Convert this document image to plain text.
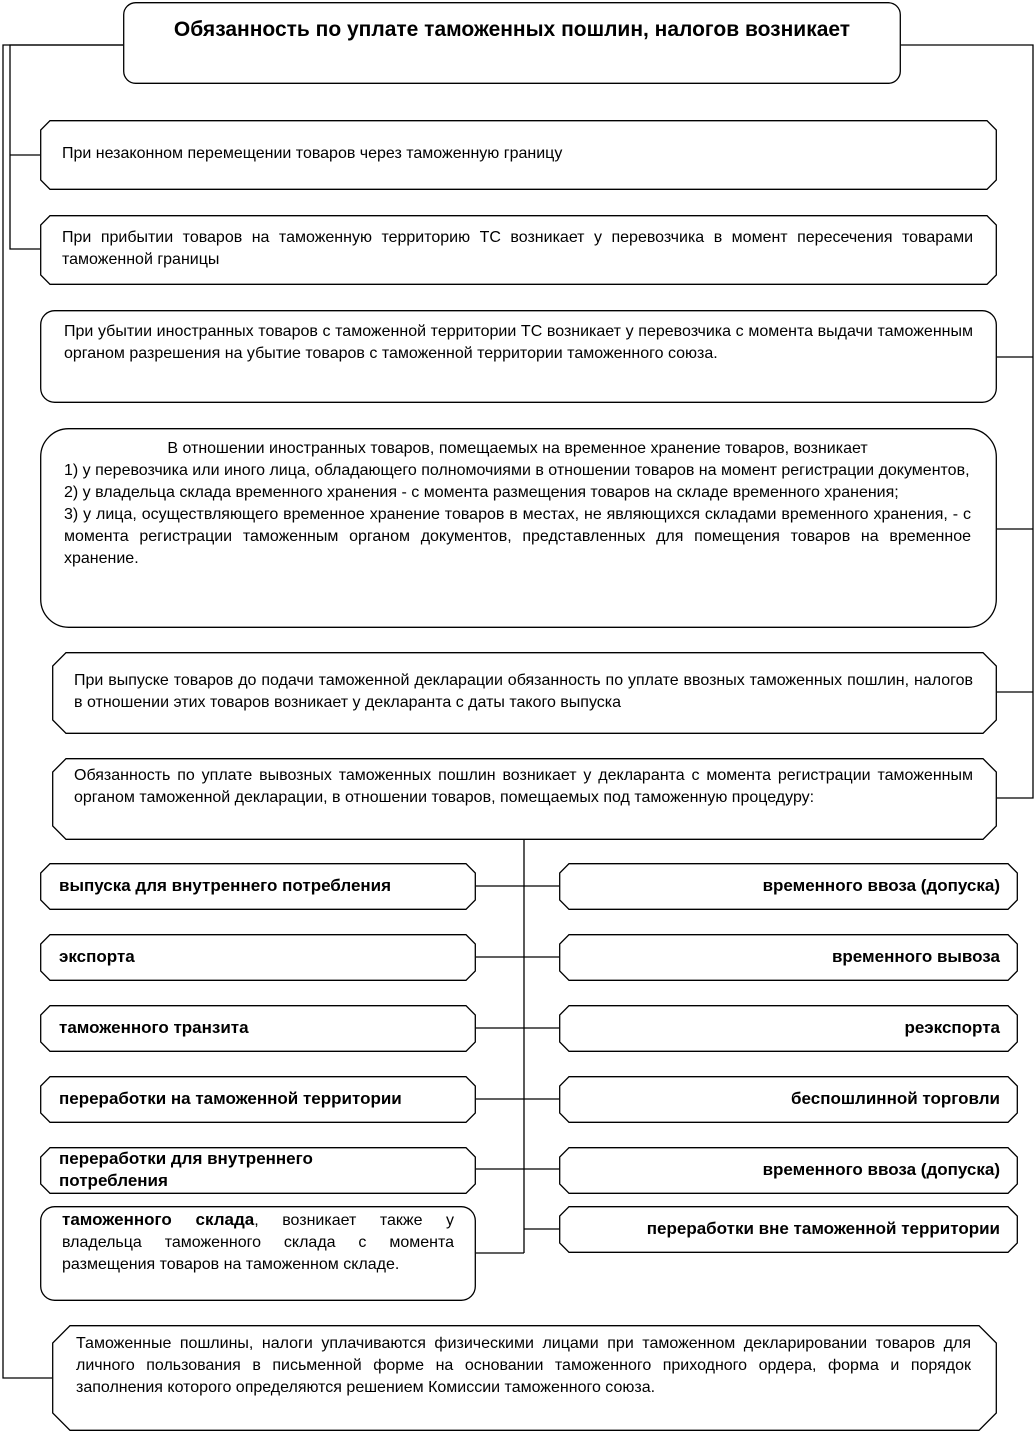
Обязанность по уплате таможенных пошлин, налогов возникает
При незаконном перемещении товаров через таможенную границу
При прибытии товаров на таможенную территорию ТС возникает у перевозчика в момент пересечения товарами таможенной границы
При убытии иностранных товаров с таможенной территории ТС возникает у перевозчика с момента выдачи таможенным органом разрешения на убытие товаров с таможенной территории таможенного союза.
В отношении иностранных товаров, помещаемых на временное хранение товаров, возникает
1) у перевозчика или иного лица, обладающего полномочиями в отношении товаров на момент регистрации документов,
2) у владельца склада временного хранения - с момента размещения товаров на складе временного хранения;
3) у лица, осуществляющего временное хранение товаров в местах, не являющихся складами временного хранения, - с момента регистрации таможенным органом документов, представленных для помещения товаров на временное хранение.
При выпуске товаров до подачи таможенной декларации обязанность по уплате ввозных таможенных пошлин, налогов в отношении этих товаров возникает у декларанта с даты такого выпуска
Обязанность по уплате вывозных таможенных пошлин возникает у декларанта с момента регистрации таможенным органом таможенной декларации, в отношении товаров, помещаемых под таможенную процедуру:
выпуска для внутреннего потребления
экспорта
таможенного транзита
переработки на таможенной территории
переработки для внутреннего потребления
таможенного склада, возникает также у владельца таможенного склада с момента размещения товаров на таможенном складе.
временного ввоза (допуска)
временного вывоза
реэкспорта
беспошлинной торговли
временного ввоза (допуска)
переработки вне таможенной территории
Таможенные пошлины, налоги уплачиваются физическими лицами при таможенном декларировании товаров для личного пользования в письменной форме на основании таможенного приходного ордера, форма и порядок заполнения которого определяются решением Комиссии таможенного союза.
